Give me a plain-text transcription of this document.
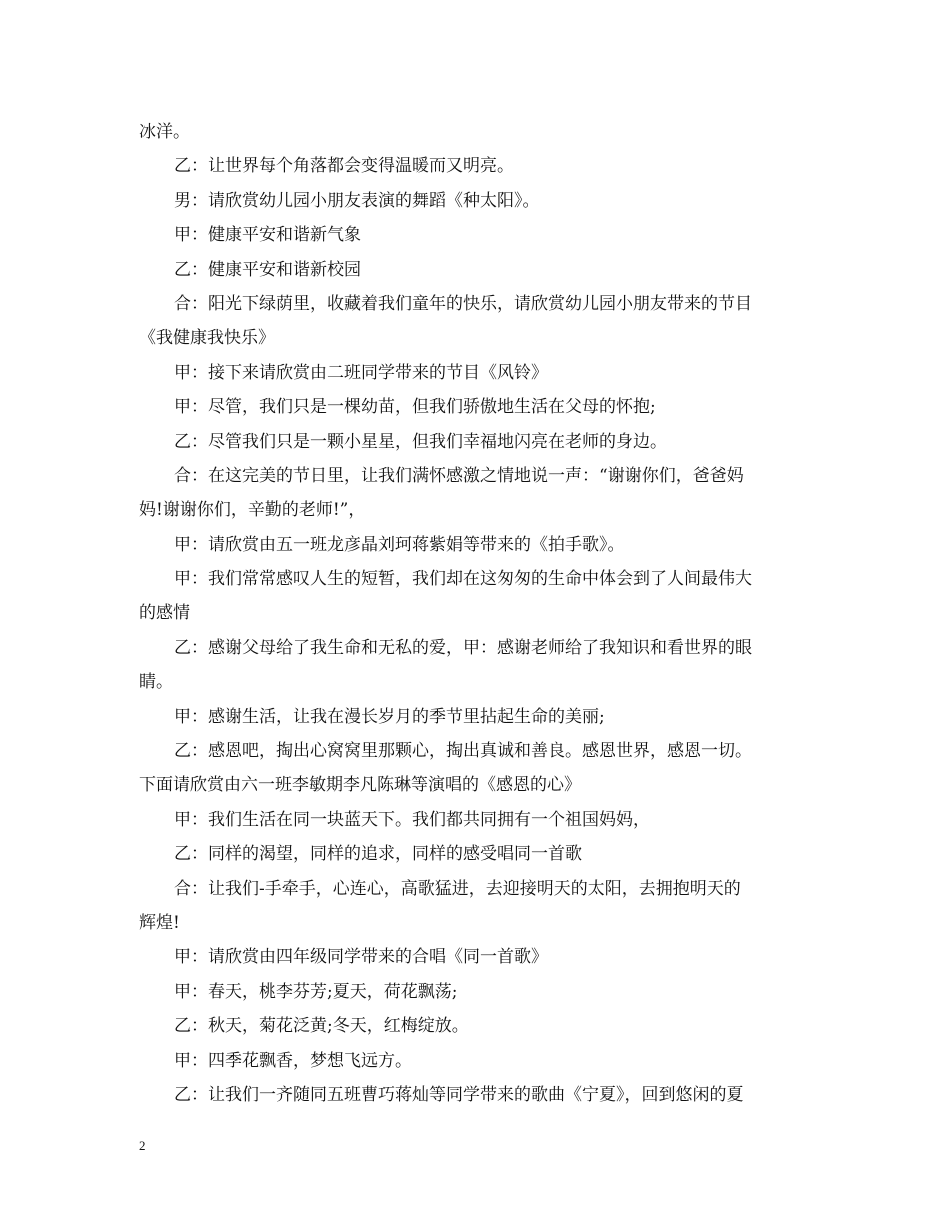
冰洋。
乙：让世界每个角落都会变得温暖而又明亮。
男：请欣赏幼儿园小朋友表演的舞蹈《种太阳》。
甲：健康平安和谐新气象
乙：健康平安和谐新校园
合：阳光下绿荫里，收藏着我们童年的快乐，请欣赏幼儿园小朋友带来的节目
《我健康我快乐》
甲：接下来请欣赏由二班同学带来的节目《风铃》
甲：尽管，我们只是一棵幼苗，但我们骄傲地生活在父母的怀抱;
乙：尽管我们只是一颗小星星，但我们幸福地闪亮在老师的身边。
合：在这完美的节日里，让我们满怀感激之情地说一声：“谢谢你们，爸爸妈
妈!谢谢你们，辛勤的老师!”，
甲：请欣赏由五一班龙彦晶刘珂蒋紫娟等带来的《拍手歌》。
甲：我们常常感叹人生的短暂，我们却在这匆匆的生命中体会到了人间最伟大
的感情
乙：感谢父母给了我生命和无私的爱，甲：感谢老师给了我知识和看世界的眼
睛。
甲：感谢生活，让我在漫长岁月的季节里拈起生命的美丽;
乙：感恩吧，掏出心窝窝里那颗心，掏出真诚和善良。感恩世界，感恩一切。
下面请欣赏由六一班李敏期李凡陈琳等演唱的《感恩的心》
甲：我们生活在同一块蓝天下。我们都共同拥有一个祖国妈妈，
乙：同样的渴望，同样的追求，同样的感受唱同一首歌
合：让我们-手牵手，心连心，高歌猛进，去迎接明天的太阳，去拥抱明天的
辉煌!
甲：请欣赏由四年级同学带来的合唱《同一首歌》
甲：春天，桃李芬芳;夏天，荷花飘荡;
乙：秋天，菊花泛黄;冬天，红梅绽放。
甲：四季花飘香，梦想飞远方。
乙：让我们一齐随同五班曹巧蒋灿等同学带来的歌曲《宁夏》，回到悠闲的夏
2
